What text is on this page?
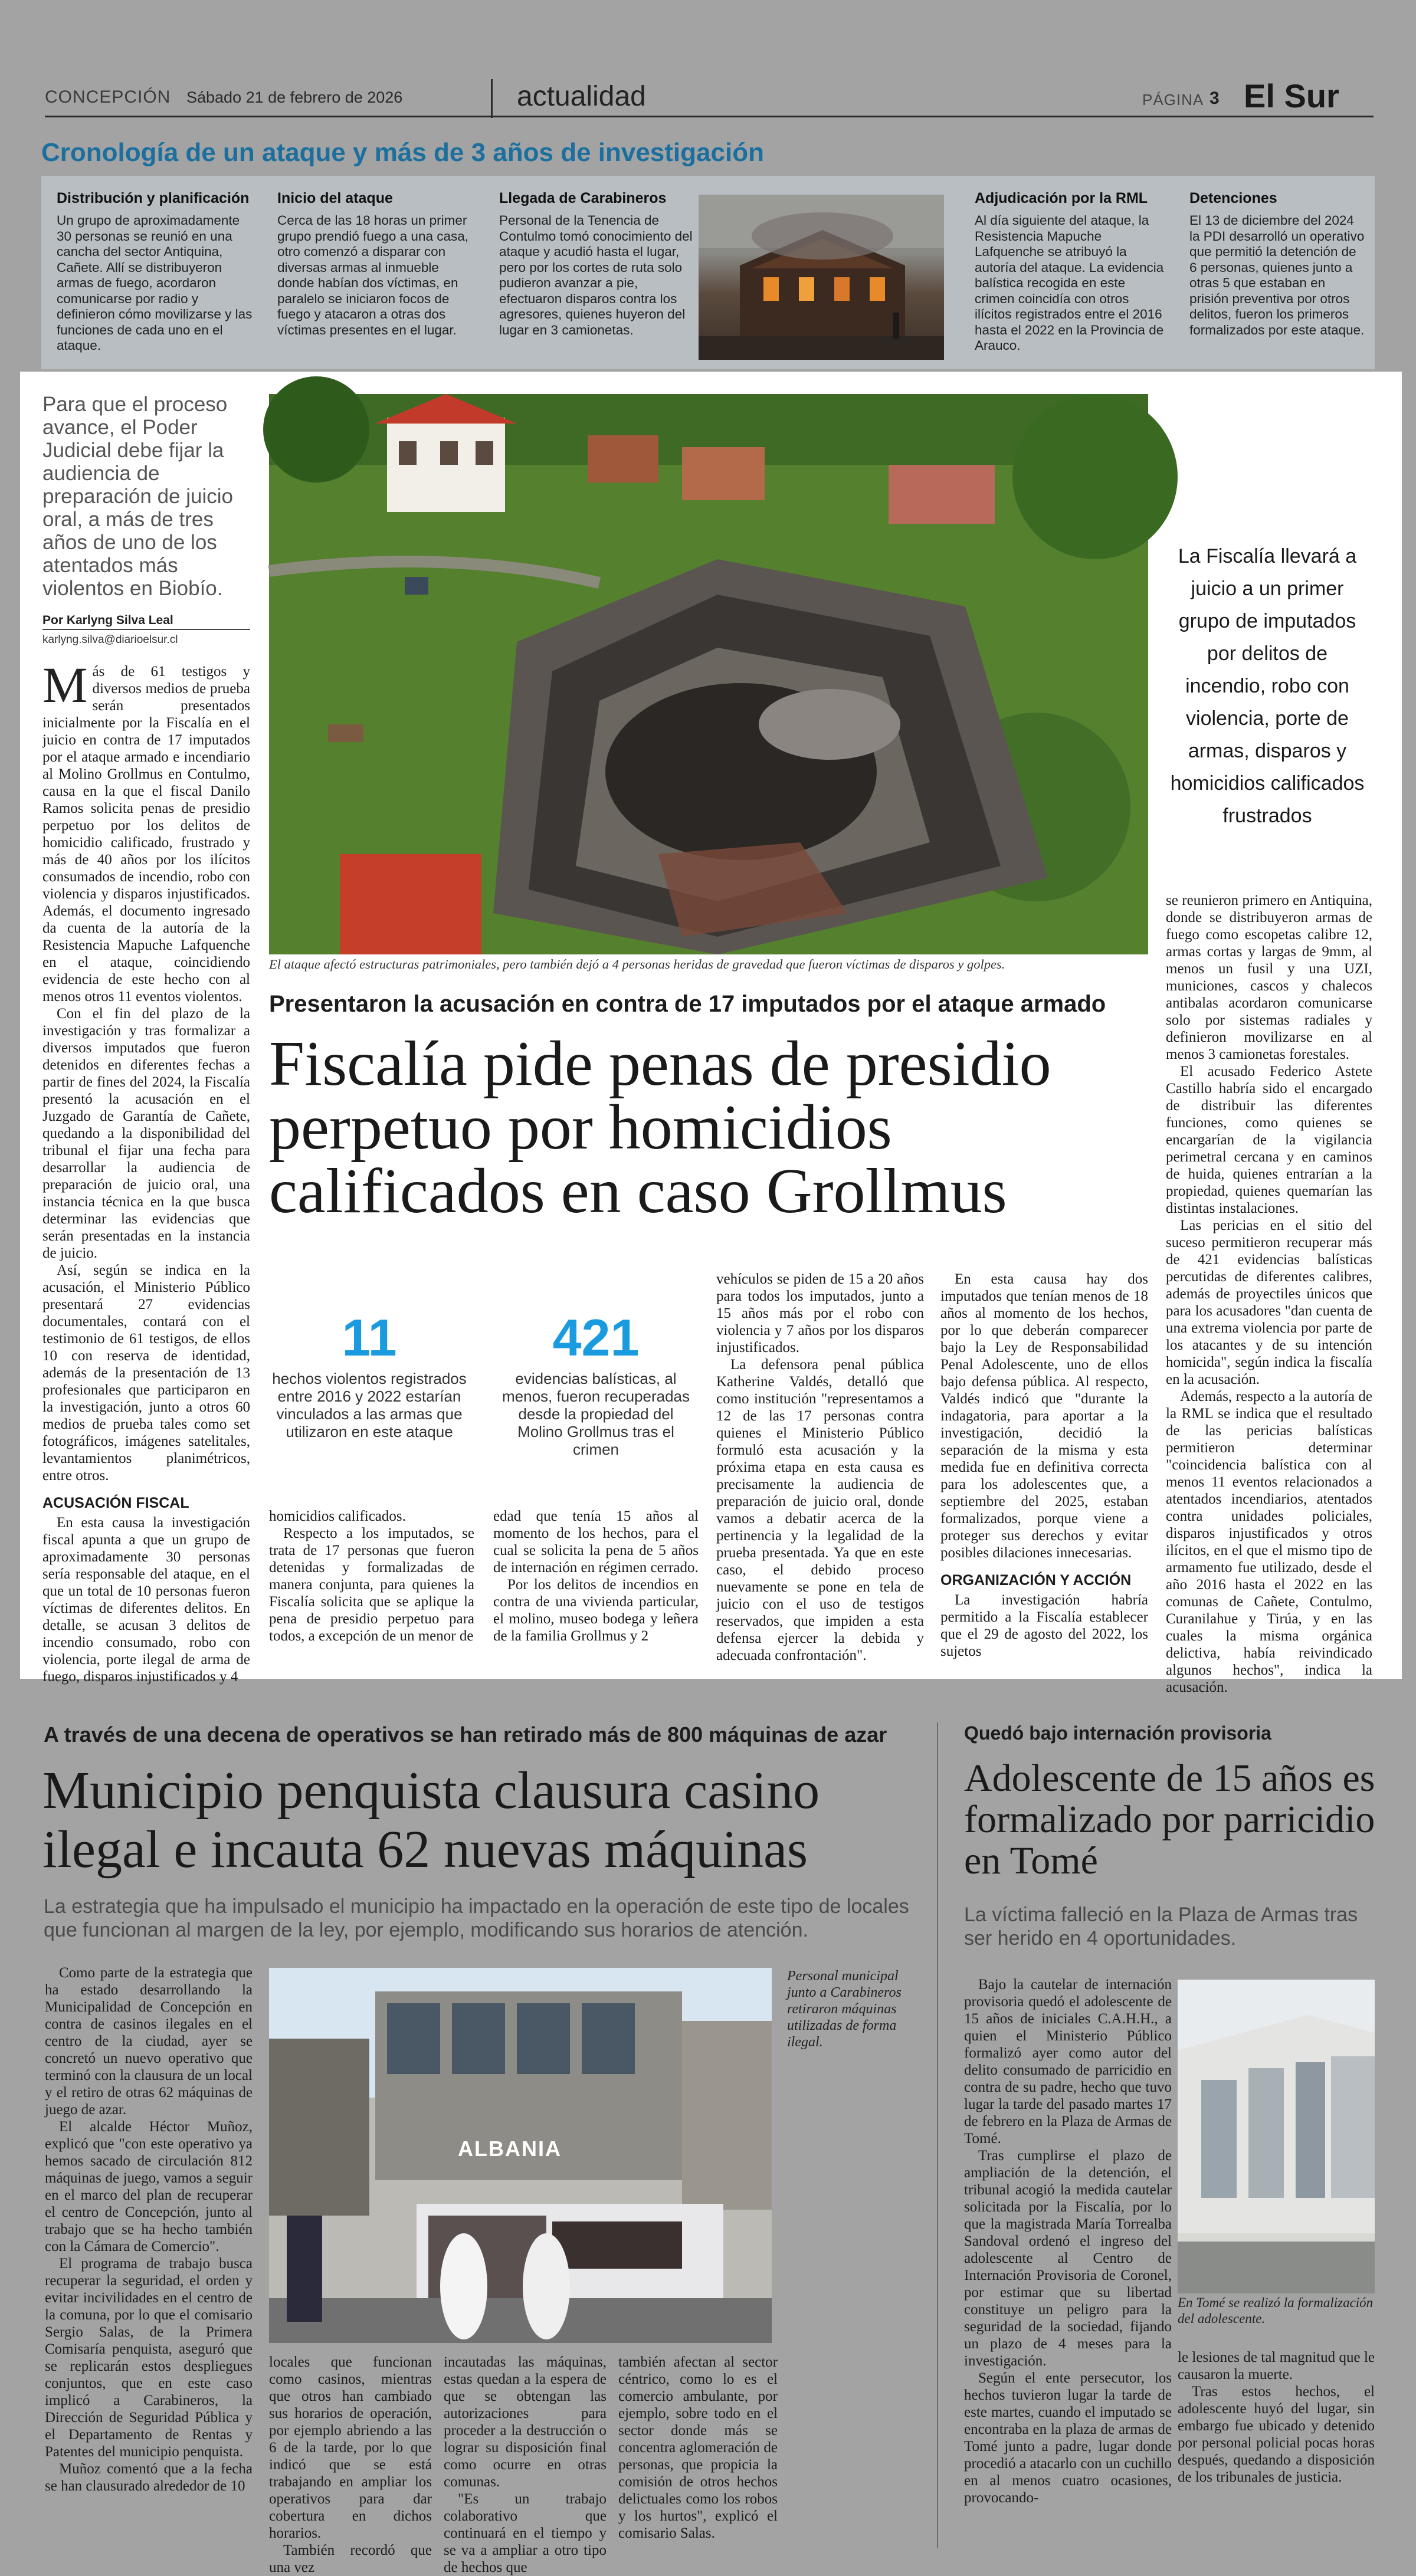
CONCEPCIÓN Sábado 21 de febrero de 2026	actualidad	PÁGINA 3 El Sur
Cronología de un ataque y más de 3 años de investigación
Distribución y planificación
Un grupo de aproximadamente 30 personas se reunió en una cancha del sector Antiquina, Cañete. Allí se distribuyeron armas de fuego, acordaron comunicarse por radio y definieron cómo movilizarse y las funciones de cada uno en el ataque.
Inicio del ataque
Cerca de las 18 horas un primer grupo prendió fuego a una casa, otro comenzó a disparar con diversas armas al inmueble donde habían dos víctimas, en paralelo se iniciaron focos de fuego y atacaron a otras dos víctimas presentes en el lugar.
Llegada de Carabineros
Personal de la Tenencia de Contulmo tomó conocimiento del ataque y acudió hasta el lugar, pero por los cortes de ruta solo pudieron avanzar a pie, efectuaron disparos contra los agresores, quienes huyeron del lugar en 3 camionetas.
Adjudicación por la RML
Al día siguiente del ataque, la Resistencia Mapuche Lafquenche se atribuyó la autoría del ataque. La evidencia balística recogida en este crimen coincidía con otros ilícitos registrados entre el 2016 hasta el 2022 en la Provincia de Arauco.
Detenciones
El 13 de diciembre del 2024 la PDI desarrolló un operativo que permitió la detención de 6 personas, quienes junto a otras 5 que estaban en prisión preventiva por otros delitos, fueron los primeros formalizados por este ataque.
Para que el proceso avance, el Poder Judicial debe fijar la audiencia de preparación de juicio oral, a más de tres años de uno de los atentados más violentos en Biobío.
Por Karlyng Silva Leal
karlyng.silva@diarioelsur.cl
El ataque afectó estructuras patrimoniales, pero también dejó a 4 personas heridas de gravedad que fueron víctimas de disparos y golpes.
La Fiscalía llevará a juicio a un primer grupo de imputados por delitos de incendio, robo con violencia, porte de armas, disparos y homicidios calificados frustrados
Presentaron la acusación en contra de 17 imputados por el ataque armado
Fiscalía pide penas de presidio perpetuo por homicidios calificados en caso Grollmus
11
hechos violentos registrados entre 2016 y 2022 estarían vinculados a las armas que utilizaron en este ataque
421
evidencias balísticas, al menos, fueron recuperadas desde la propiedad del Molino Grollmus tras el crimen

Más de 61 testigos y diversos medios de prueba serán presentados inicialmente por la Fiscalía en el juicio en contra de 17 imputados por el ataque armado e incendiario al Molino Grollmus en Contulmo, causa en la que el fiscal Danilo Ramos solicita penas de presidio perpetuo por los delitos de homicidio calificado, frustrado y más de 40 años por los ilícitos consumados de incendio, robo con violencia y disparos injustificados. Además, el documento ingresado da cuenta de la autoría de la Resistencia Mapuche Lafquenche en el ataque, coincidiendo evidencia de este hecho con al menos otros 11 eventos violentos.

Con el fin del plazo de la investigación y tras formalizar a diversos imputados que fueron detenidos en diferentes fechas a partir de fines del 2024, la Fiscalía presentó la acusación en el Juzgado de Garantía de Cañete, quedando a la disponibilidad del tribunal el fijar una fecha para desarrollar la audiencia de preparación de juicio oral, una instancia técnica en la que busca determinar las evidencias que serán presentadas en la instancia de juicio.

Así, según se indica en la acusación, el Ministerio Público presentará 27 evidencias documentales, contará con el testimonio de 61 testigos, de ellos 10 con reserva de identidad, además de la presentación de 13 profesionales que participaron en la investigación, junto a otros 60 medios de prueba tales como set fotográficos, imágenes satelitales, levantamientos planimétricos, entre otros.

ACUSACIÓN FISCAL

En esta causa la investigación fiscal apunta a que un grupo de aproximadamente 30 personas sería responsable del ataque, en el que un total de 10 personas fueron víctimas de diferentes delitos. En detalle, se acusan 3 delitos de incendio consumado, robo con violencia, porte ilegal de arma de fuego, disparos injustificados y 4

homicidios calificados.

Respecto a los imputados, se trata de 17 personas que fueron detenidas y formalizadas de manera conjunta, para quienes la Fiscalía solicita que se aplique la pena de presidio perpetuo para todos, a excepción de un menor de

edad que tenía 15 años al momento de los hechos, para el cual se solicita la pena de 5 años de internación en régimen cerrado.

Por los delitos de incendios en contra de una vivienda particular, el molino, museo bodega y leñera de la familia Grollmus y 2

vehículos se piden de 15 a 20 años para todos los imputados, junto a 15 años más por el robo con violencia y 7 años por los disparos injustificados.

La defensora penal pública Katherine Valdés, detalló que como institución "representamos a 12 de las 17 personas contra quienes el Ministerio Público formuló esta acusación y la próxima etapa en esta causa es precisamente la audiencia de preparación de juicio oral, donde vamos a debatir acerca de la pertinencia y la legalidad de la prueba presentada. Ya que en este caso, el debido proceso nuevamente se pone en tela de juicio con el uso de testigos reservados, que impiden a esta defensa ejercer la debida y adecuada confrontación".

En esta causa hay dos imputados que tenían menos de 18 años al momento de los hechos, por lo que deberán comparecer bajo la Ley de Responsabilidad Penal Adolescente, uno de ellos bajo defensa pública. Al respecto, Valdés indicó que "durante la indagatoria, para aportar a la investigación, decidió la separación de la misma y esta medida fue en definitiva correcta para los adolescentes que, a septiembre del 2025, estaban formalizados, porque viene a proteger sus derechos y evitar posibles dilaciones innecesarias.

ORGANIZACIÓN Y ACCIÓN

La investigación habría permitido a la Fiscalía establecer que el 29 de agosto del 2022, los sujetos

se reunieron primero en Antiquina, donde se distribuyeron armas de fuego como escopetas calibre 12, armas cortas y largas de 9mm, al menos un fusil y una UZI, municiones, cascos y chalecos antibalas acordaron comunicarse solo por sistemas radiales y definieron movilizarse en al menos 3 camionetas forestales.

El acusado Federico Astete Castillo habría sido el encargado de distribuir las diferentes funciones, como quienes se encargarían de la vigilancia perimetral cercana y en caminos de huida, quienes entrarían a la propiedad, quienes quemarían las distintas instalaciones.

Las pericias en el sitio del suceso permitieron recuperar más de 421 evidencias balísticas percutidas de diferentes calibres, además de proyectiles únicos que para los acusadores "dan cuenta de una extrema violencia por parte de los atacantes y de su intención homicida", según indica la fiscalía en la acusación.

Además, respecto a la autoría de la RML se indica que el resultado de las pericias balísticas permitieron determinar "coincidencia balística con al menos 11 eventos relacionados a atentados incendiarios, atentados contra unidades policiales, disparos injustificados y otros ilícitos, en el que el mismo tipo de armamento fue utilizado, desde el año 2016 hasta el 2022 en las comunas de Cañete, Contulmo, Curanilahue y Tirúa, y en las cuales la misma orgánica delictiva, había reivindicado algunos hechos", indica la acusación.

A través de una decena de operativos se han retirado más de 800 máquinas de azar
Municipio penquista clausura casino ilegal e incauta 62 nuevas máquinas
La estrategia que ha impulsado el municipio ha impactado en la operación de este tipo de locales que funcionan al margen de la ley, por ejemplo, modificando sus horarios de atención.
ALBANIA
Personal municipal junto a Carabineros retiraron máquinas utilizadas de forma ilegal.

Como parte de la estrategia que ha estado desarrollando la Municipalidad de Concepción en contra de casinos ilegales en el centro de la ciudad, ayer se concretó un nuevo operativo que terminó con la clausura de un local y el retiro de otras 62 máquinas de juego de azar.

El alcalde Héctor Muñoz, explicó que "con este operativo ya hemos sacado de circulación 812 máquinas de juego, vamos a seguir en el marco del plan de recuperar el centro de Concepción, junto al trabajo que se ha hecho también con la Cámara de Comercio".

El programa de trabajo busca recuperar la seguridad, el orden y evitar incivilidades en el centro de la comuna, por lo que el comisario Sergio Salas, de la Primera Comisaría penquista, aseguró que se replicarán estos despliegues conjuntos, que en este caso implicó a Carabineros, la Dirección de Seguridad Pública y el Departamento de Rentas y Patentes del municipio penquista.

Muñoz comentó que a la fecha se han clausurado alrededor de 10

locales que funcionan como casinos, mientras que otros han cambiado sus horarios de operación, por ejemplo abriendo a las 6 de la tarde, por lo que indicó que se está trabajando en ampliar los operativos para dar cobertura en dichos horarios.

También recordó que una vez

incautadas las máquinas, estas quedan a la espera de que se obtengan las autorizaciones para proceder a la destrucción o lograr su disposición final como ocurre en otras comunas.

"Es un trabajo colaborativo que continuará en el tiempo y se va a ampliar a otro tipo de hechos que

también afectan al sector céntrico, como lo es el comercio ambulante, por ejemplo, sobre todo en el sector donde más se concentra aglomeración de personas, que propicia la comisión de otros hechos delictuales como los robos y los hurtos", explicó el comisario Salas.

Quedó bajo internación provisoria
Adolescente de 15 años es formalizado por parricidio en Tomé
La víctima falleció en la Plaza de Armas tras ser herido en 4 oportunidades.

Bajo la cautelar de internación provisoria quedó el adolescente de 15 años de iniciales C.A.H.H., a quien el Ministerio Público formalizó ayer como autor del delito consumado de parricidio en contra de su padre, hecho que tuvo lugar la tarde del pasado martes 17 de febrero en la Plaza de Armas de Tomé.

Tras cumplirse el plazo de ampliación de la detención, el tribunal acogió la medida cautelar solicitada por la Fiscalía, por lo que la magistrada María Torrealba Sandoval ordenó el ingreso del adolescente al Centro de Internación Provisoria de Coronel, por estimar que su libertad constituye un peligro para la seguridad de la sociedad, fijando un plazo de 4 meses para la investigación.

Según el ente persecutor, los hechos tuvieron lugar la tarde de este martes, cuando el imputado se encontraba en la plaza de armas de Tomé junto a padre, lugar donde procedió a atacarlo con un cuchillo en al menos cuatro ocasiones, provocando-

En Tomé se realizó la formalización del adolescente.

le lesiones de tal magnitud que le causaron la muerte.

Tras estos hechos, el adolescente huyó del lugar, sin embargo fue ubicado y detenido por personal policial pocas horas después, quedando a disposición de los tribunales de justicia.
